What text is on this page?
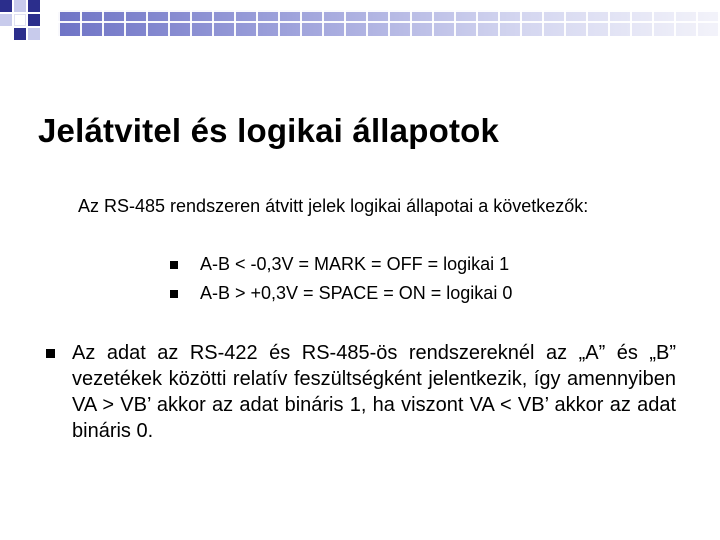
Jelátvitel és logikai állapotok

Az RS-485 rendszeren átvitt jelek logikai állapotai a következők:

A-B < -0,3V = MARK = OFF = logikai 1
A-B > +0,3V = SPACE = ON = logikai 0

Az adat az RS-422 és RS-485-ös rendszereknél az „A” és „B” vezetékek közötti relatív feszültségként jelentkezik, így amennyiben VA > VB’ akkor az adat bináris 1, ha viszont VA < VB’ akkor az adat bináris 0.
